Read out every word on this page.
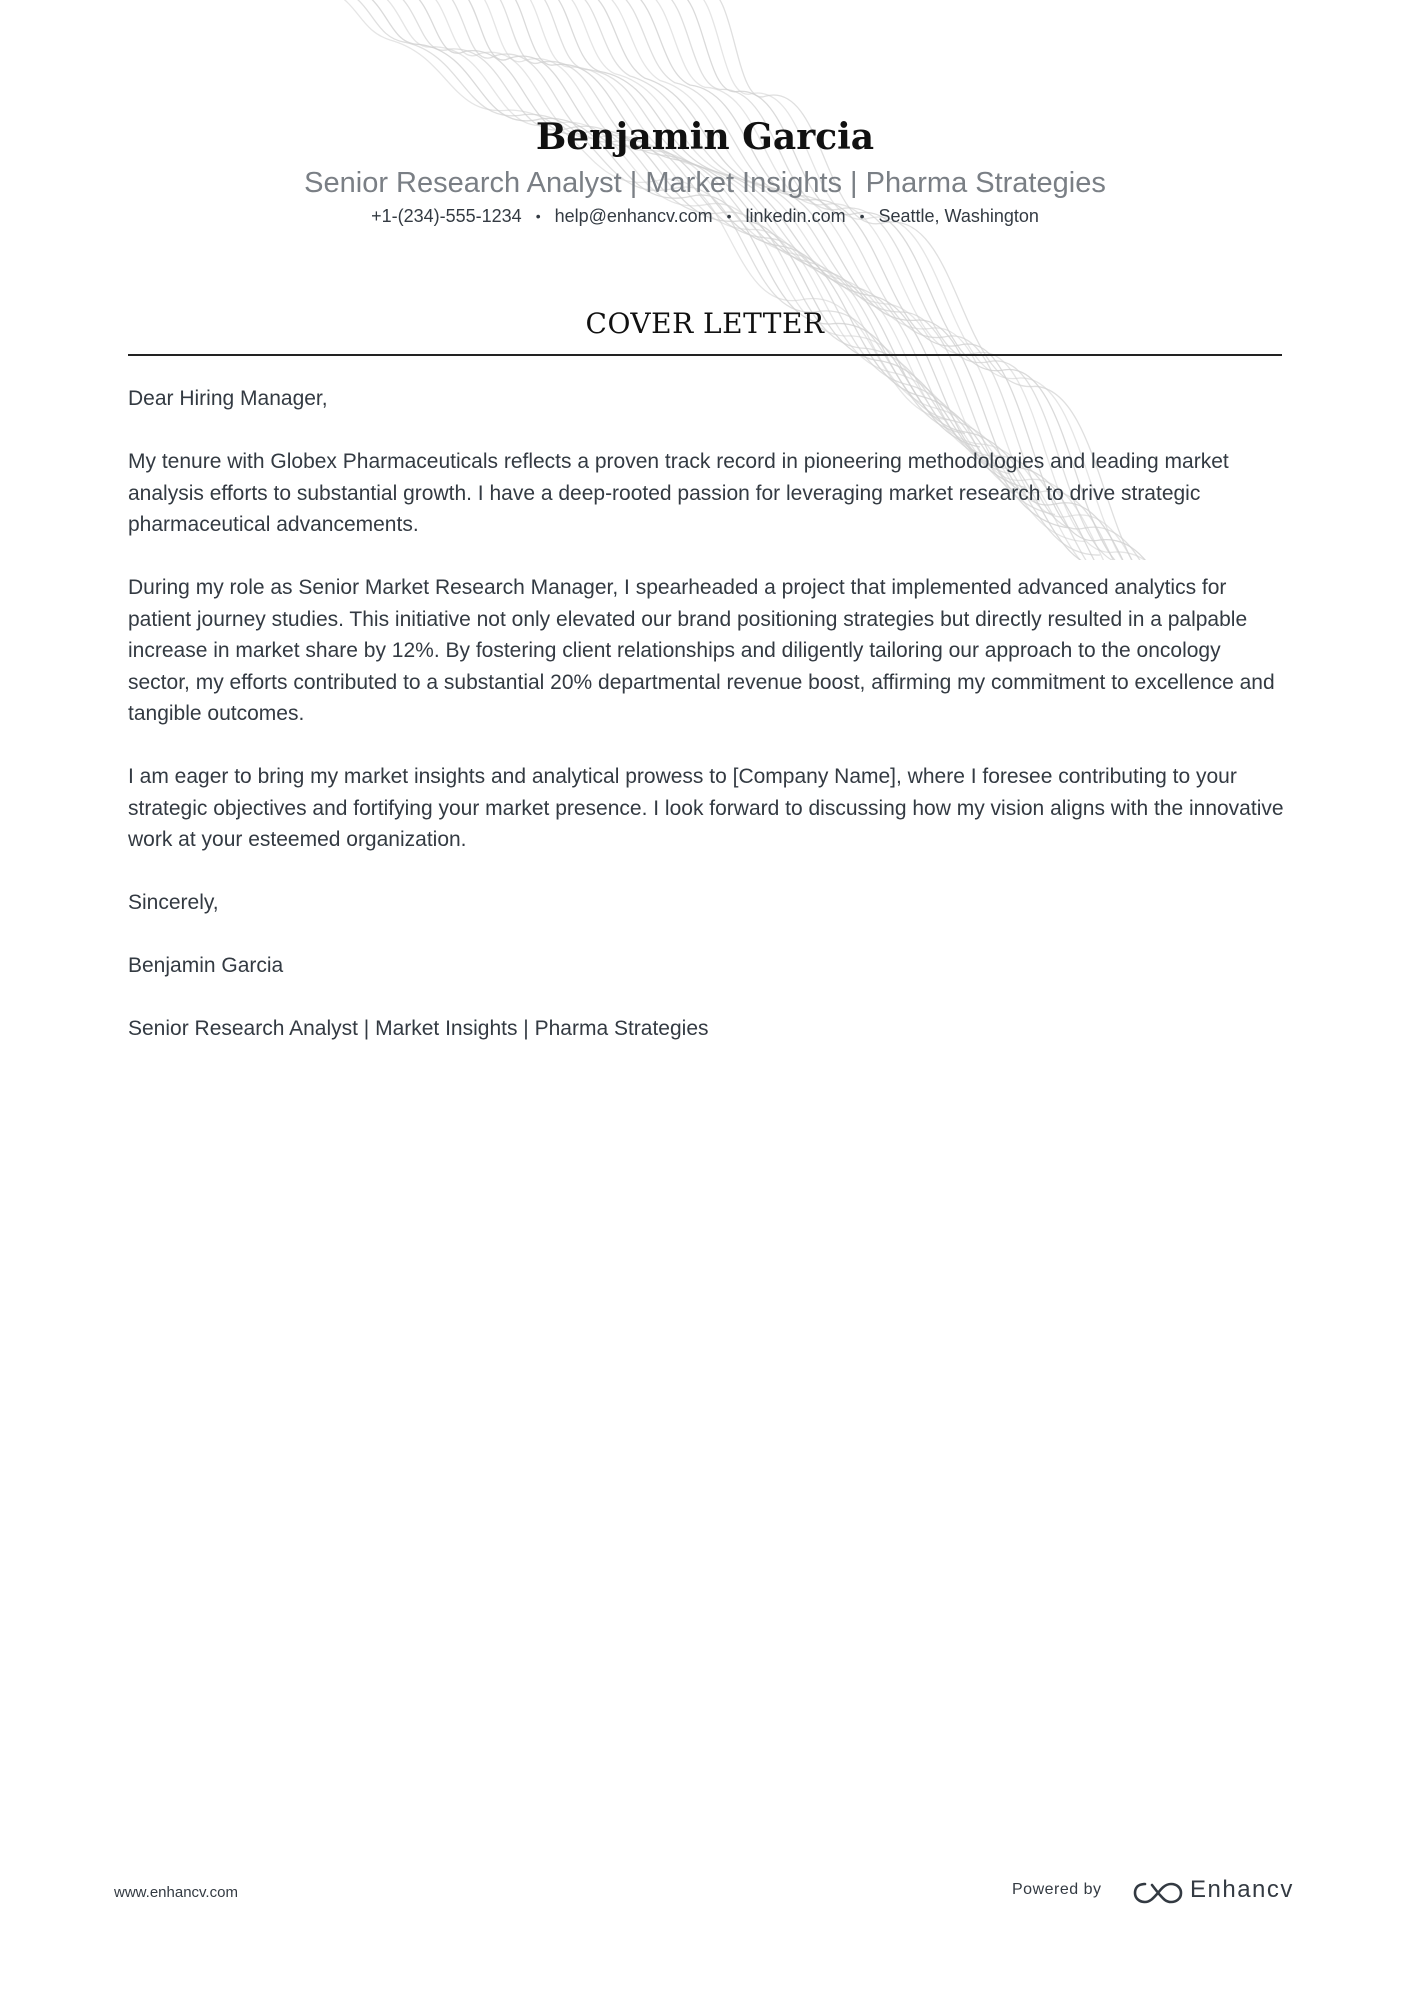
Benjamin Garcia
Senior Research Analyst | Market Insights | Pharma Strategies
+1-(234)-555-1234 • help@enhancv.com • linkedin.com • Seattle, Washington
COVER LETTER

Dear Hiring Manager,

My tenure with Globex Pharmaceuticals reflects a proven track record in pioneering methodologies and leading market analysis efforts to substantial growth. I have a deep-rooted passion for leveraging market research to drive strategic pharmaceutical advancements.

During my role as Senior Market Research Manager, I spearheaded a project that implemented advanced analytics for patient journey studies. This initiative not only elevated our brand positioning strategies but directly resulted in a palpable increase in market share by 12%. By fostering client relationships and diligently tailoring our approach to the oncology sector, my efforts contributed to a substantial 20% departmental revenue boost, affirming my commitment to excellence and tangible outcomes.

I am eager to bring my market insights and analytical prowess to [Company Name], where I foresee contributing to your strategic objectives and fortifying your market presence. I look forward to discussing how my vision aligns with the innovative work at your esteemed organization.

Sincerely,

Benjamin Garcia

Senior Research Analyst | Market Insights | Pharma Strategies

www.enhancv.com	Powered by	Enhancv
